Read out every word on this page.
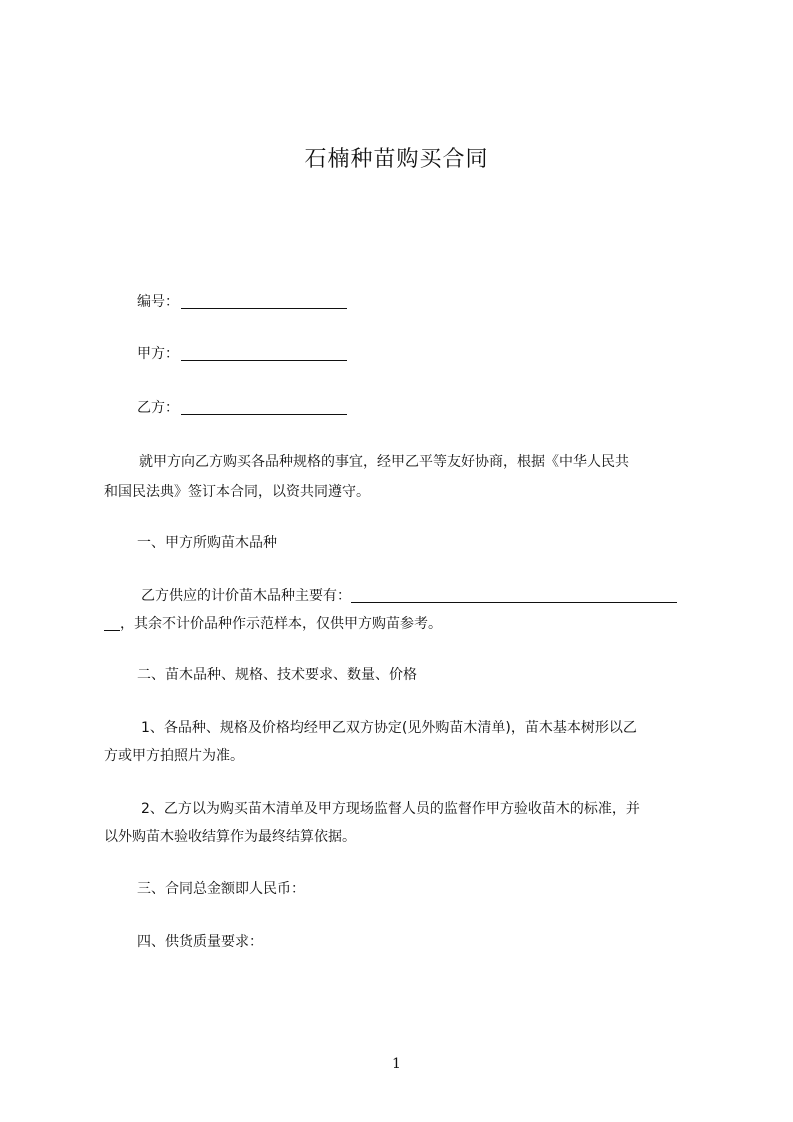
石楠种苗购买合同
编号：
甲方：
乙方：
就甲方向乙方购买各品种规格的事宜，经甲乙平等友好协商，根据《中华人民共
和国民法典》签订本合同，以资共同遵守。
一、甲方所购苗木品种
乙方供应的计价苗木品种主要有：
，其余不计价品种作示范样本，仅供甲方购苗参考。
二、苗木品种、规格、技术要求、数量、价格
1、各品种、规格及价格均经甲乙双方协定(见外购苗木清单)，苗木基本树形以乙
方或甲方拍照片为准。
2、乙方以为购买苗木清单及甲方现场监督人员的监督作甲方验收苗木的标准，并
以外购苗木验收结算作为最终结算依据。
三、合同总金额即人民币：
四、供货质量要求：
1
